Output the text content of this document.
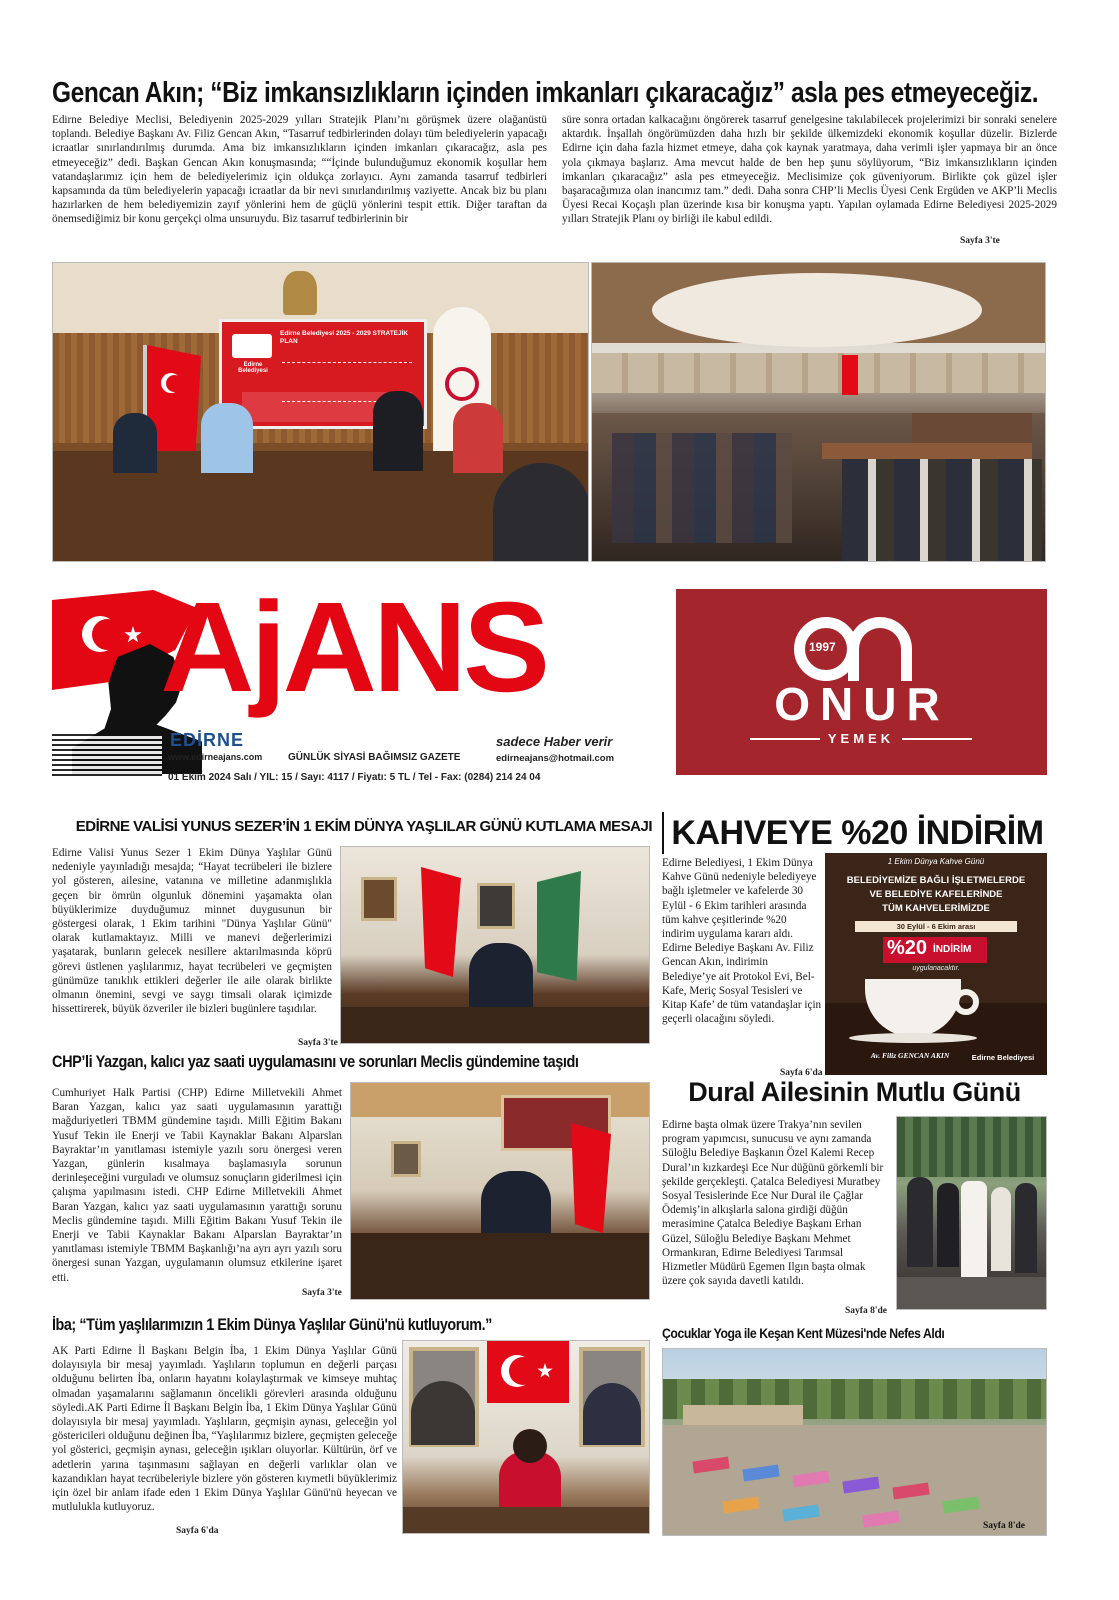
Gencan Akın; “Biz imkansızlıkların içinden imkanları çıkaracağız” asla pes etmeyeceğiz.
Edirne Belediye Meclisi, Belediyenin 2025-2029 yılları Stratejik Planı’nı görüşmek üzere olağanüstü toplandı. Belediye Başkanı Av. Filiz Gencan Akın, “Tasarruf tedbirlerinden dolayı tüm belediyelerin yapacağı icraatlar sınırlandırılmış durumda. Ama biz imkansızlıkların içinden imkanları çıkaracağız, asla pes etmeyeceğiz” dedi. Başkan Gencan Akın konuşmasında; ““İçinde bulunduğumuz ekonomik koşullar hem vatandaşlarımız için hem de belediyelerimiz için oldukça zorlayıcı. Aynı zamanda tasarruf tedbirleri kapsamında da tüm belediyelerin yapacağı icraatlar da bir nevi sınırlandırılmış vaziyette. Ancak biz bu planı hazırlarken de hem belediyemizin zayıf yönlerini hem de güçlü yönlerini tespit ettik. Diğer taraftan da önemsediğimiz bir konu gerçekçi olma unsuruydu. Biz tasarruf tedbirlerinin bir
süre sonra ortadan kalkacağını öngörerek tasarruf genelgesine takılabilecek projelerimizi bir sonraki senelere aktardık. İnşallah öngörümüzden daha hızlı bir şekilde ülkemizdeki ekonomik koşullar düzelir. Bizlerde Edirne için daha fazla hizmet etmeye, daha çok kaynak yaratmaya, daha verimli işler yapmaya bir an önce yola çıkmaya başlarız. Ama mevcut halde de ben hep şunu söylüyorum, “Biz imkansızlıkların içinden imkanları çıkaracağız” asla pes etmeyeceğiz. Meclisimize çok güveniyorum. Birlikte çok güzel işler başaracağımıza olan inancımız tam.” dedi. Daha sonra CHP’li Meclis Üyesi Cenk Ergüden ve AKP’li Meclis Üyesi Recai Koçaşlı plan üzerinde kısa bir konuşma yaptı. Yapılan oylamada Edirne Belediyesi 2025-2029 yılları Stratejik Planı oy birliği ile kabul edildi.
Sayfa 3'te
Edirne Belediyesi
Edirne Belediyesi 2025 - 2029 STRATEJİK PLAN
AjANS
EDİRNE
www.edirneajans.com	GÜNLÜK SİYASİ BAĞIMSIZ GAZETE
sadece Haber verir
edirneajans@hotmail.com
01 Ekim 2024 Salı / YIL: 15 / Sayı: 4117 / Fiyatı: 5 TL / Tel - Fax: (0284) 214 24 04
1997
ONUR
YEMEK
EDİRNE VALİSİ YUNUS SEZER’İN 1 EKİM DÜNYA YAŞLILAR GÜNÜ KUTLAMA MESAJI
Edirne Valisi Yunus Sezer 1 Ekim Dünya Yaşlılar Günü nedeniyle yayınladığı mesajda; “Hayat tecrübeleri ile bizlere yol gösteren, ailesine, vatanına ve milletine adanmışlıkla geçen bir ömrün olgunluk dönemini yaşamakta olan büyüklerimize duyduğumuz minnet duygusunun bir göstergesi olarak, 1 Ekim tarihini "Dünya Yaşlılar Günü" olarak kutlamaktayız. Milli ve manevi değerlerimizi yaşatarak, bunların gelecek nesillere aktarılmasında köprü görevi üstlenen yaşlılarımız, hayat tecrübeleri ve geçmişten günümüze tanıklık ettikleri değerler ile aile olarak birlikte olmanın önemini, sevgi ve saygı timsali olarak içimizde hissettirerek, büyük özveriler ile bizleri bugünlere taşıdılar.
Sayfa 3'te
KAHVEYE %20 İNDİRİM
Edirne Belediyesi, 1 Ekim Dünya Kahve Günü nedeniyle belediyeye bağlı işletmeler ve kafelerde 30 Eylül - 6 Ekim tarihleri arasında tüm kahve çeşitlerinde %20 indirim uygulama kararı aldı. Edirne Belediye Başkanı Av. Filiz Gencan Akın, indirimin Belediye’ye ait Protokol Evi, Bel-Kafe, Meriç Sosyal Tesisleri ve Kitap Kafe’ de tüm vatandaşlar için geçerli olacağını söyledi.
Sayfa 6'da
1 Ekim Dünya Kahve Günü
BELEDİYEMİZE BAĞLI İŞLETMELERDE
VE BELEDİYE KAFELERİNDE
TÜM KAHVELERİMİZDE
30 Eylül - 6 Ekim arası
%20 İNDİRİM
uygulanacaktır.
Av. Filiz GENCAN AKIN	Edirne Belediyesi
CHP’li Yazgan, kalıcı yaz saati uygulamasını ve sorunları Meclis gündemine taşıdı
Cumhuriyet Halk Partisi (CHP) Edirne Milletvekili Ahmet Baran Yazgan, kalıcı yaz saati uygulamasının yarattığı mağduriyetleri TBMM gündemine taşıdı. Milli Eğitim Bakanı Yusuf Tekin ile Enerji ve Tabii Kaynaklar Bakanı Alparslan Bayraktar’ın yanıtlaması istemiyle yazılı soru önergesi veren Yazgan, günlerin kısalmaya başlamasıyla sorunun derinleşeceğini vurguladı ve olumsuz sonuçların giderilmesi için çalışma yapılmasını istedi. CHP Edirne Milletvekili Ahmet Baran Yazgan, kalıcı yaz saati uygulamasının yarattığı sorunu Meclis gündemine taşıdı. Milli Eğitim Bakanı Yusuf Tekin ile Enerji ve Tabii Kaynaklar Bakanı Alparslan Bayraktar’ın yanıtlaması istemiyle TBMM Başkanlığı’na ayrı ayrı yazılı soru önergesi sunan Yazgan, uygulamanın olumsuz etkilerine işaret etti.
Sayfa 3'te
Dural Ailesinin Mutlu Günü
Edirne başta olmak üzere Trakya’nın sevilen program yapımcısı, sunucusu ve aynı zamanda Süloğlu Belediye Başkanın Özel Kalemi Recep Dural’ın kızkardeşi Ece Nur düğünü görkemli bir şekilde gerçekleşti. Çatalca Belediyesi Muratbey Sosyal Tesislerinde Ece Nur Dural ile Çağlar Ödemiş’in alkışlarla salona girdiği düğün merasimine Çatalca Belediye Başkanı Erhan Güzel, Süloğlu Belediye Başkanı Mehmet Ormankıran, Edirne Belediyesi Tarımsal Hizmetler Müdürü Egemen Ilgın başta olmak üzere çok sayıda davetli katıldı.
Sayfa 8'de
İba; “Tüm yaşlılarımızın 1 Ekim Dünya Yaşlılar Günü'nü kutluyorum.”
AK Parti Edirne İl Başkanı Belgin İba, 1 Ekim Dünya Yaşlılar Günü dolayısıyla bir mesaj yayımladı. Yaşlıların toplumun en değerli parçası olduğunu belirten İba, onların hayatını kolaylaştırmak ve kimseye muhtaç olmadan yaşamalarını sağlamanın öncelikli görevleri arasında olduğunu söyledi.AK Parti Edirne İl Başkanı Belgin İba, 1 Ekim Dünya Yaşlılar Günü dolayısıyla bir mesaj yayımladı. Yaşlıların, geçmişin aynası, geleceğin yol göstericileri olduğunu değinen İba, “Yaşlılarımız bizlere, geçmişten geleceğe yol gösterici, geçmişin aynası, geleceğin ışıkları oluyorlar. Kültürün, örf ve adetlerin yarına taşınmasını sağlayan en değerli varlıklar olan ve kazandıkları hayat tecrübeleriyle bizlere yön gösteren kıymetli büyüklerimiz için özel bir anlam ifade eden 1 Ekim Dünya Yaşlılar Günü'nü heyecan ve mutlulukla kutluyoruz.
Sayfa 6'da
Çocuklar Yoga ile Keşan Kent Müzesi'nde Nefes Aldı
Sayfa 8'de
